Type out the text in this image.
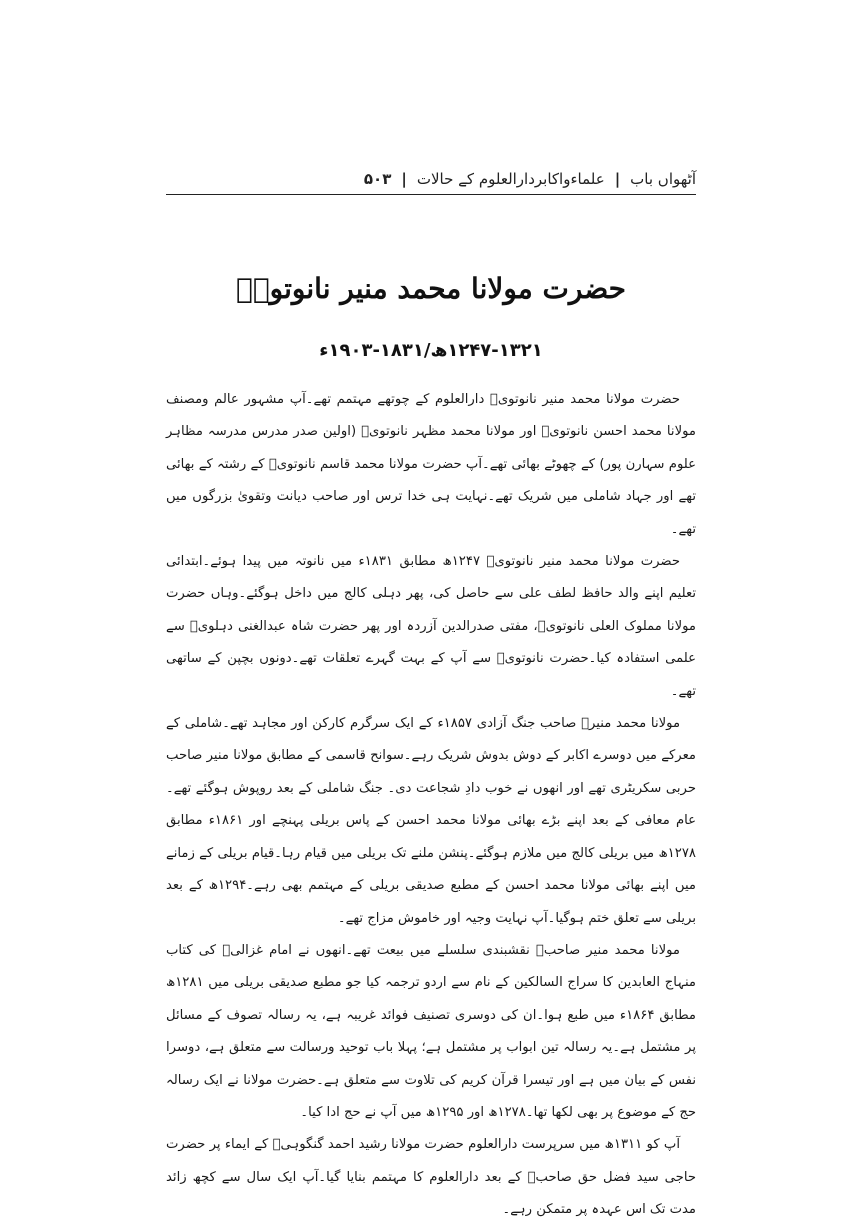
آٹھواں باب
|
علماءواکابردارالعلوم کے حالات
|
۵۰۳
حضرت مولانا محمد منیر نانوتویؒ
۱۲۴۷-۱۳۲۱ھ/۱۸۳۱-۱۹۰۳ء

حضرت مولانا محمد منیر نانوتویؒ دارالعلوم کے چوتھے مہتمم تھے۔آپ مشہور عالم ومصنف مولانا محمد احسن نانوتویؒ اور مولانا محمد مظہر نانوتویؒ (اولین صدر مدرس مدرسہ مظاہر علوم سہارن پور) کے چھوٹے بھائی تھے۔آپ حضرت مولانا محمد قاسم نانوتویؒ کے رشتہ کے بھائی تھے اور جہاد شاملی میں شریک تھے۔نہایت ہی خدا ترس اور صاحب دیانت وتقویٰ بزرگوں میں تھے۔

حضرت مولانا محمد منیر نانوتویؒ ۱۲۴۷ھ مطابق ۱۸۳۱ء میں نانوتہ میں پیدا ہوئے۔ابتدائی تعلیم اپنے والد حافظ لطف علی سے حاصل کی، پھر دہلی کالج میں داخل ہوگئے۔وہاں حضرت مولانا مملوک العلی نانوتویؒ، مفتی صدرالدین آزردہ اور پھر حضرت شاہ عبدالغنی دہلویؒ سے علمی استفادہ کیا۔حضرت نانوتویؒ سے آپ کے بہت گہرے تعلقات تھے۔دونوں بچپن کے ساتھی تھے۔

مولانا محمد منیرؒ صاحب جنگ آزادی ۱۸۵۷ء کے ایک سرگرم کارکن اور مجاہد تھے۔شاملی کے معرکے میں دوسرے اکابر کے دوش بدوش شریک رہے۔سوانح قاسمی کے مطابق مولانا منیر صاحب حربی سکریٹری تھے اور انھوں نے خوب دادِ شجاعت دی۔ جنگ شاملی کے بعد روپوش ہوگئے تھے۔عام معافی کے بعد اپنے بڑے بھائی مولانا محمد احسن کے پاس بریلی پہنچے اور ۱۸۶۱ء مطابق ۱۲۷۸ھ میں بریلی کالج میں ملازم ہوگئے۔پنشن ملنے تک بریلی میں قیام رہا۔قیام بریلی کے زمانے میں اپنے بھائی مولانا محمد احسن کے مطبع صدیقی بریلی کے مہتمم بھی رہے۔۱۲۹۴ھ کے بعد بریلی سے تعلق ختم ہوگیا۔آپ نہایت وجیہ اور خاموش مزاج تھے۔

مولانا محمد منیر صاحبؒ نقشبندی سلسلے میں بیعت تھے۔انھوں نے امام غزالیؒ کی کتاب منہاج العابدین کا سراج السالکین کے نام سے اردو ترجمہ کیا جو مطبع صدیقی بریلی میں ۱۲۸۱ھ مطابق ۱۸۶۴ء میں طبع ہوا۔ان کی دوسری تصنیف فوائد غریبہ ہے، یہ رسالہ تصوف کے مسائل پر مشتمل ہے۔یہ رسالہ تین ابواب پر مشتمل ہے؛ پہلا باب توحید ورسالت سے متعلق ہے، دوسرا نفس کے بیان میں ہے اور تیسرا قرآن کریم کی تلاوت سے متعلق ہے۔حضرت مولانا نے ایک رسالہ حج کے موضوع پر بھی لکھا تھا۔۱۲۷۸ھ اور ۱۲۹۵ھ میں آپ نے حج ادا کیا۔

آپ کو ۱۳۱۱ھ میں سرپرست دارالعلوم حضرت مولانا رشید احمد گنگوہیؒ کے ایماء پر حضرت حاجی سید فضل حق صاحبؒ کے بعد دارالعلوم کا مہتمم بنایا گیا۔آپ ایک سال سے کچھ زائد مدت تک اس عہدہ پر متمکن رہے۔
